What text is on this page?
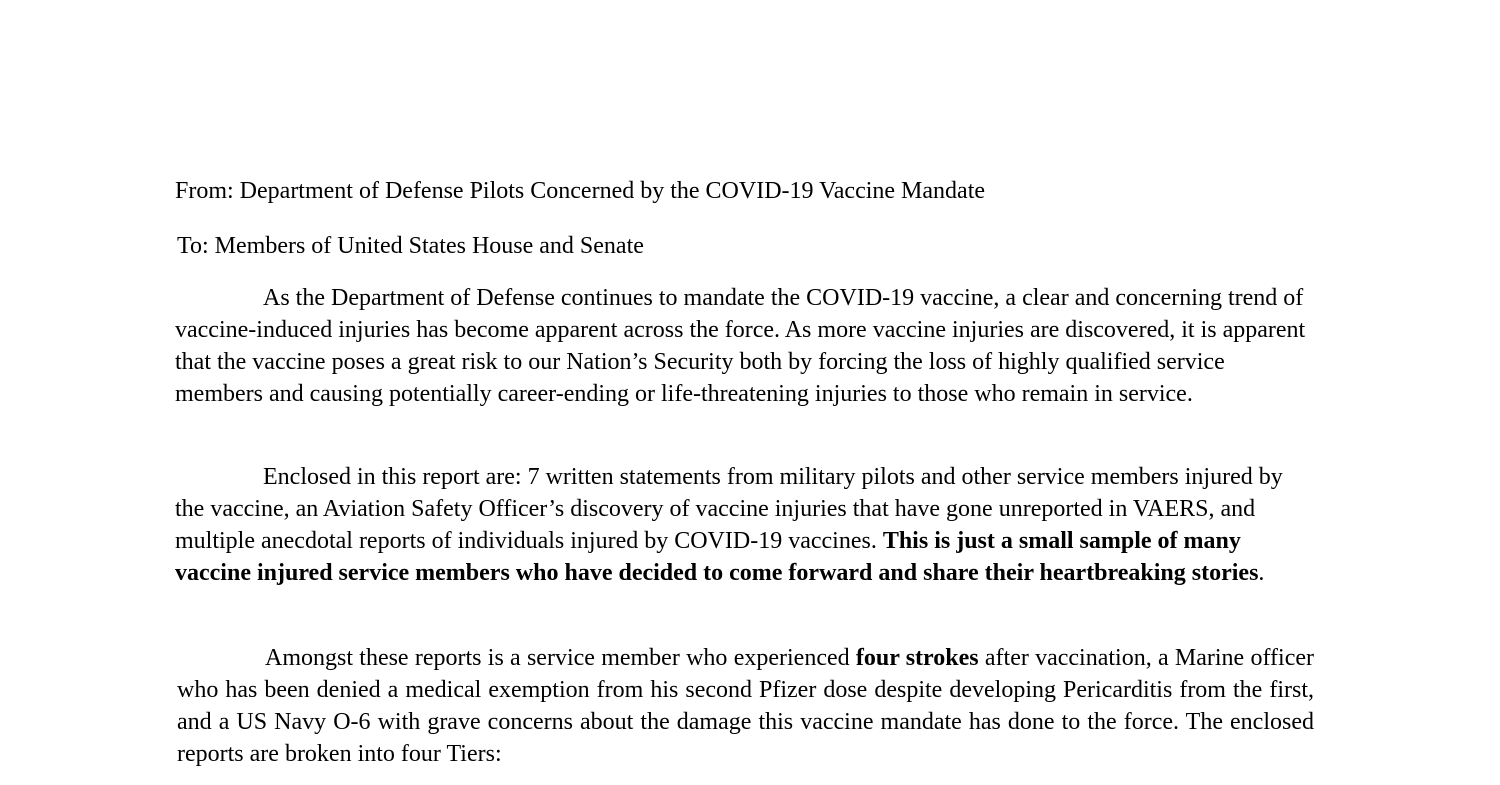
From: Department of Defense Pilots Concerned by the COVID-19 Vaccine Mandate
To: Members of United States House and Senate

As the Department of Defense continues to mandate the COVID-19 vaccine, a clear and concerning trend of vaccine-induced injuries has become apparent across the force. As more vaccine injuries are discovered, it is apparent that the vaccine poses a great risk to our Nation’s Security both by forcing the loss of highly qualified service members and causing potentially career-ending or life-threatening injuries to those who remain in service.

Enclosed in this report are: 7 written statements from military pilots and other service members injured by the vaccine, an Aviation Safety Officer’s discovery of vaccine injuries that have gone unreported in VAERS, and multiple anecdotal reports of individuals injured by COVID-19 vaccines. This is just a small sample of many vaccine injured service members who have decided to come forward and share their heartbreaking stories.

Amongst these reports is a service member who experienced four strokes after vaccination, a Marine officer who has been denied a medical exemption from his second Pfizer dose despite developing Pericarditis from the first, and a US Navy O-6 with grave concerns about the damage this vaccine mandate has done to the force. The enclosed reports are broken into four Tiers:
